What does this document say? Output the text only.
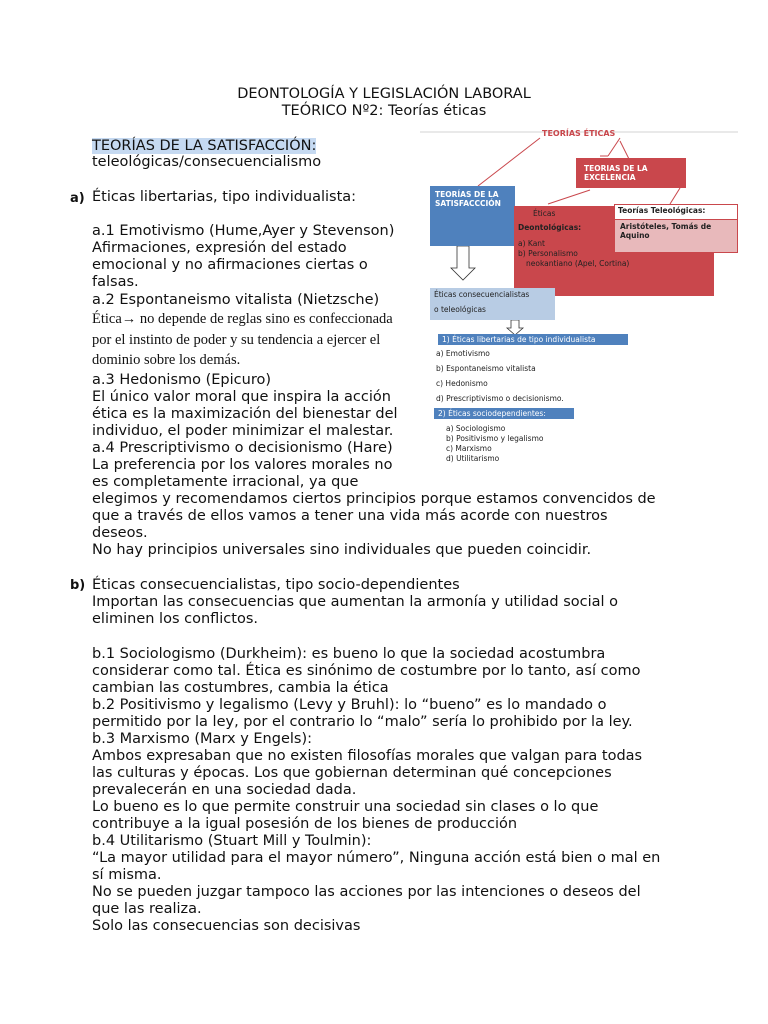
DEONTOLOGÍA Y LEGISLACIÓN LABORAL
TEÓRICO Nº2: Teorías éticas
TEORÍAS DE LA SATISFACCIÓN:
teleológicas/consecuencialismo
a) Éticas libertarias, tipo individualista:
a.1 Emotivismo (Hume,Ayer y Stevenson)
Afirmaciones, expresión del estado
emocional y no afirmaciones ciertas o
falsas.
a.2 Espontaneismo vitalista (Nietzsche)
Ética→ no depende de reglas sino es confeccionada
por el instinto de poder y su tendencia a ejercer el
dominio sobre los demás.
a.3 Hedonismo (Epicuro)
El único valor moral que inspira la acción
ética es la maximización del bienestar del
individuo, el poder minimizar el malestar.
a.4 Prescriptivismo o decisionismo (Hare)
La preferencia por los valores morales no
es completamente irracional, ya que
elegimos y recomendamos ciertos principios porque estamos convencidos de
que a través de ellos vamos a tener una vida más acorde con nuestros
deseos.
No hay principios universales sino individuales que pueden coincidir.
b) Éticas consecuencialistas, tipo socio-dependientes
Importan las consecuencias que aumentan la armonía y utilidad social o
eliminen los conflictos.
b.1 Sociologismo (Durkheim): es bueno lo que la sociedad acostumbra
considerar como tal. Ética es sinónimo de costumbre por lo tanto, así como
cambian las costumbres, cambia la ética
b.2 Positivismo y legalismo (Levy y Bruhl): lo “bueno” es lo mandado o
permitido por la ley, por el contrario lo “malo” sería lo prohibido por la ley.
b.3 Marxismo (Marx y Engels):
Ambos expresaban que no existen filosofías morales que valgan para todas
las culturas y épocas. Los que gobiernan determinan qué concepciones
prevalecerán en una sociedad dada.
Lo bueno es lo que permite construir una sociedad sin clases o lo que
contribuye a la igual posesión de los bienes de producción
b.4 Utilitarismo (Stuart Mill y Toulmin):
“La mayor utilidad para el mayor número”, Ninguna acción está bien o mal en
sí misma.
No se pueden juzgar tampoco las acciones por las intenciones o deseos del
que las realiza.
Solo las consecuencias son decisivas
TEORÍAS ÉTICAS
TEORIAS DE LA
EXCELENCIA
TEORÍAS DE LA
SATISFACCCIÓN
Éticas
Deontológicas:
a) Kant
b) Personalismo
neokantiano (Apel, Cortina)
Teorías Teleológicas:
Aristóteles, Tomás de
Aquino
Éticas consecuencialistas
o teleológicas
1) Éticas libertarias de tipo individualista
a) Emotivismo
b) Espontaneismo vitalista
c) Hedonismo
d) Prescriptivismo o decisionismo.
2) Éticas sociodependientes:
a) Sociologismo
b) Positivismo y legalismo
c) Marxismo
d) Utilitarismo
